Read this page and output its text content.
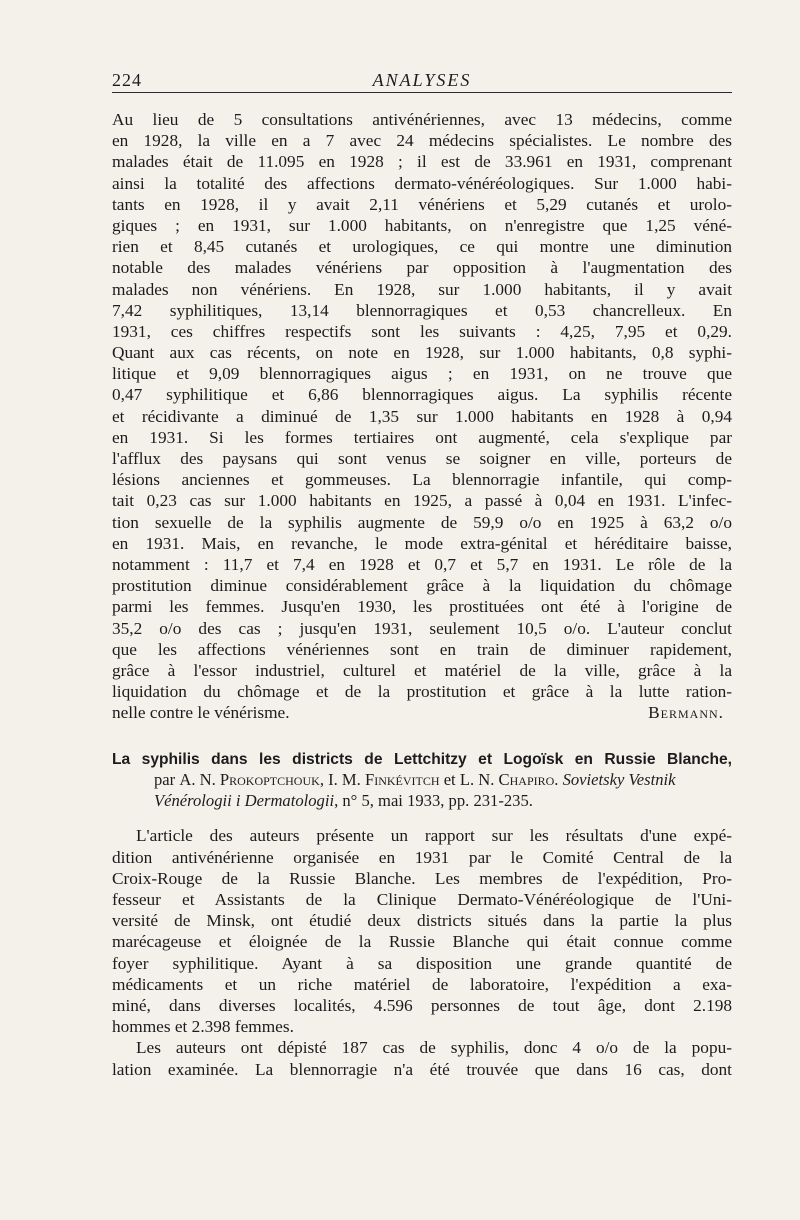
224	ANALYSES
Au lieu de 5 consultations antivénériennes, avec 13 médecins, comme
en 1928, la ville en a 7 avec 24 médecins spécialistes. Le nombre des
malades était de 11.095 en 1928 ; il est de 33.961 en 1931, comprenant
ainsi la totalité des affections dermato-vénéréologiques. Sur 1.000 habi-
tants en 1928, il y avait 2,11 vénériens et 5,29 cutanés et urolo-
giques ; en 1931, sur 1.000 habitants, on n'enregistre que 1,25 véné-
rien et 8,45 cutanés et urologiques, ce qui montre une diminution
notable des malades vénériens par opposition à l'augmentation des
malades non vénériens. En 1928, sur 1.000 habitants, il y avait
7,42 syphilitiques, 13,14 blennorragiques et 0,53 chancrelleux. En
1931, ces chiffres respectifs sont les suivants : 4,25, 7,95 et 0,29.
Quant aux cas récents, on note en 1928, sur 1.000 habitants, 0,8 syphi-
litique et 9,09 blennorragiques aigus ; en 1931, on ne trouve que
0,47 syphilitique et 6,86 blennorragiques aigus. La syphilis récente
et récidivante a diminué de 1,35 sur 1.000 habitants en 1928 à 0,94
en 1931. Si les formes tertiaires ont augmenté, cela s'explique par
l'afflux des paysans qui sont venus se soigner en ville, porteurs de
lésions anciennes et gommeuses. La blennorragie infantile, qui comp-
tait 0,23 cas sur 1.000 habitants en 1925, a passé à 0,04 en 1931. L'infec-
tion sexuelle de la syphilis augmente de 59,9 o/o en 1925 à 63,2 o/o
en 1931. Mais, en revanche, le mode extra-génital et héréditaire baisse,
notamment : 11,7 et 7,4 en 1928 et 0,7 et 5,7 en 1931. Le rôle de la
prostitution diminue considérablement grâce à la liquidation du chômage
parmi les femmes. Jusqu'en 1930, les prostituées ont été à l'origine de
35,2 o/o des cas ; jusqu'en 1931, seulement 10,5 o/o. L'auteur conclut
que les affections vénériennes sont en train de diminuer rapidement,
grâce à l'essor industriel, culturel et matériel de la ville, grâce à la
liquidation du chômage et de la prostitution et grâce à la lutte ration-
nelle contre le vénérisme.	Bermann.
La syphilis dans les districts de Lettchitzy et Logoïsk en Russie Blanche,
par A. N. Prokoptchouk, I. M. Finkévitch et L. N. Chapiro. Sovietsky Vestnik
Vénérologii i Dermatologii, n° 5, mai 1933, pp. 231-235.
L'article des auteurs présente un rapport sur les résultats d'une expé-
dition antivénérienne organisée en 1931 par le Comité Central de la
Croix-Rouge de la Russie Blanche. Les membres de l'expédition, Pro-
fesseur et Assistants de la Clinique Dermato-Vénéréologique de l'Uni-
versité de Minsk, ont étudié deux districts situés dans la partie la plus
marécageuse et éloignée de la Russie Blanche qui était connue comme
foyer syphilitique. Ayant à sa disposition une grande quantité de
médicaments et un riche matériel de laboratoire, l'expédition a exa-
miné, dans diverses localités, 4.596 personnes de tout âge, dont 2.198
hommes et 2.398 femmes.
Les auteurs ont dépisté 187 cas de syphilis, donc 4 o/o de la popu-
lation examinée. La blennorragie n'a été trouvée que dans 16 cas, dont
